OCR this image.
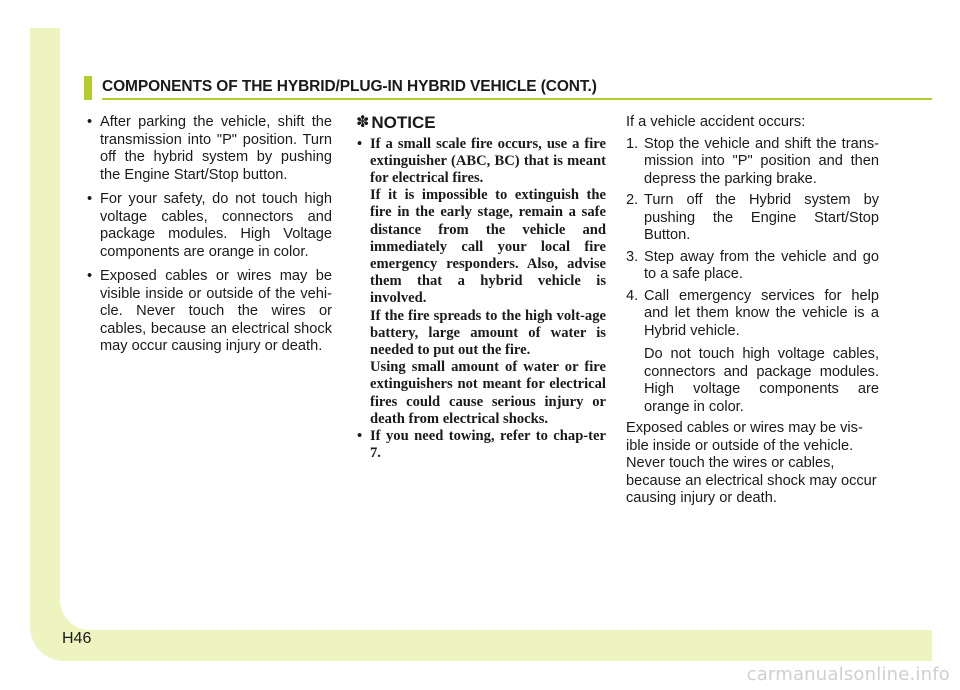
COMPONENTS OF THE HYBRID/PLUG-IN HYBRID VEHICLE (CONT.)
• After parking the vehicle, shift the transmission into "P" position. Turn off the hybrid system by pushing the Engine Start/Stop button.
• For your safety, do not touch high voltage cables, connectors and package modules. High Voltage components are orange in color.
• Exposed cables or wires may be visible inside or outside of the vehi-cle. Never touch the wires or cables, because an electrical shock may occur causing injury or death.
✽ NOTICE

• If a small scale fire occurs, use a fire extinguisher (ABC, BC) that is meant for electrical fires.

If it is impossible to extinguish the fire in the early stage, remain a safe distance from the vehicle and immediately call your local fire emergency responders. Also, advise them that a hybrid vehicle is involved.

If the fire spreads to the high volt-age battery, large amount of water is needed to put out the fire.

Using small amount of water or fire extinguishers not meant for electrical fires could cause serious injury or death from electrical shocks.

• If you need towing, refer to chap-ter 7.

If a vehicle accident occurs:

1. Stop the vehicle and shift the trans-mission into "P" position and then depress the parking brake.

2. Turn off the Hybrid system by pushing the Engine Start/Stop Button.

3. Step away from the vehicle and go to a safe place.

4. Call emergency services for help and let them know the vehicle is a Hybrid vehicle.

Do not touch high voltage cables, connectors and package modules. High voltage components are orange in color.

Exposed cables or wires may be vis-ible inside or outside of the vehicle. Never touch the wires or cables, because an electrical shock may occur causing injury or death.

H46
carmanualsonline.info
